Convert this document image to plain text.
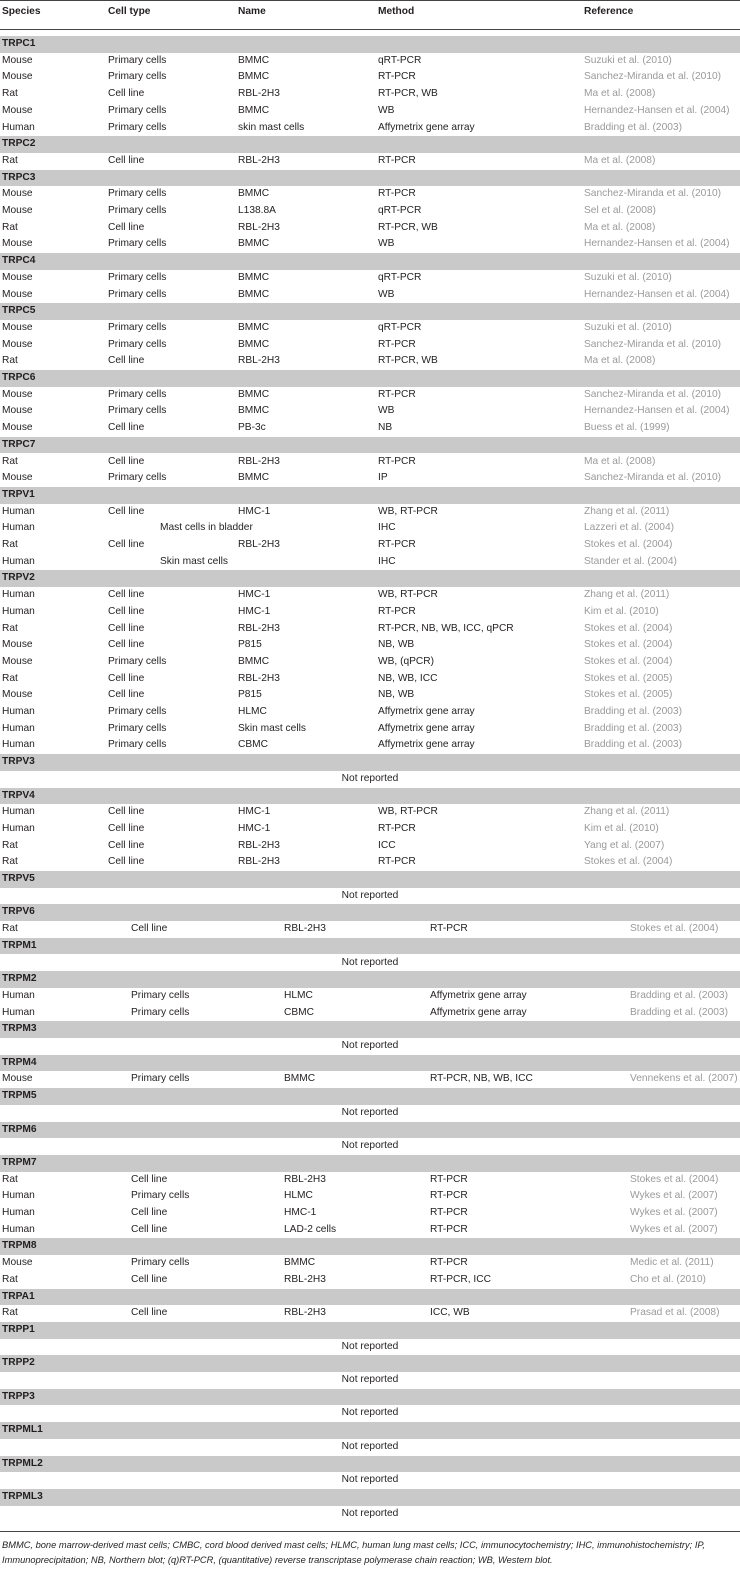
Species	Cell type	Name	Method	Reference
TRPC1
Mouse	Primary cells	BMMC	qRT-PCR	Suzuki et al. (2010)
Mouse	Primary cells	BMMC	RT-PCR	Sanchez-Miranda et al. (2010)
Rat	Cell line	RBL-2H3	RT-PCR, WB	Ma et al. (2008)
Mouse	Primary cells	BMMC	WB	Hernandez-Hansen et al. (2004)
Human	Primary cells	skin mast cells	Affymetrix gene array	Bradding et al. (2003)
TRPC2
Rat	Cell line	RBL-2H3	RT-PCR	Ma et al. (2008)
TRPC3
Mouse	Primary cells	BMMC	RT-PCR	Sanchez-Miranda et al. (2010)
Mouse	Primary cells	L138.8A	qRT-PCR	Sel et al. (2008)
Rat	Cell line	RBL-2H3	RT-PCR, WB	Ma et al. (2008)
Mouse	Primary cells	BMMC	WB	Hernandez-Hansen et al. (2004)
TRPC4
Mouse	Primary cells	BMMC	qRT-PCR	Suzuki et al. (2010)
Mouse	Primary cells	BMMC	WB	Hernandez-Hansen et al. (2004)
TRPC5
Mouse	Primary cells	BMMC	qRT-PCR	Suzuki et al. (2010)
Mouse	Primary cells	BMMC	RT-PCR	Sanchez-Miranda et al. (2010)
Rat	Cell line	RBL-2H3	RT-PCR, WB	Ma et al. (2008)
TRPC6
Mouse	Primary cells	BMMC	RT-PCR	Sanchez-Miranda et al. (2010)
Mouse	Primary cells	BMMC	WB	Hernandez-Hansen et al. (2004)
Mouse	Cell line	PB-3c	NB	Buess et al. (1999)
TRPC7
Rat	Cell line	RBL-2H3	RT-PCR	Ma et al. (2008)
Mouse	Primary cells	BMMC	IP	Sanchez-Miranda et al. (2010)
TRPV1
Human	Cell line	HMC-1	WB, RT-PCR	Zhang et al. (2011)
Human	Mast cells in bladder	IHC	Lazzeri et al. (2004)
Rat	Cell line	RBL-2H3	RT-PCR	Stokes et al. (2004)
Human	Skin mast cells	IHC	Stander et al. (2004)
TRPV2
Human	Cell line	HMC-1	WB, RT-PCR	Zhang et al. (2011)
Human	Cell line	HMC-1	RT-PCR	Kim et al. (2010)
Rat	Cell line	RBL-2H3	RT-PCR, NB, WB, ICC, qPCR	Stokes et al. (2004)
Mouse	Cell line	P815	NB, WB	Stokes et al. (2004)
Mouse	Primary cells	BMMC	WB, (qPCR)	Stokes et al. (2004)
Rat	Cell line	RBL-2H3	NB, WB, ICC	Stokes et al. (2005)
Mouse	Cell line	P815	NB, WB	Stokes et al. (2005)
Human	Primary cells	HLMC	Affymetrix gene array	Bradding et al. (2003)
Human	Primary cells	Skin mast cells	Affymetrix gene array	Bradding et al. (2003)
Human	Primary cells	CBMC	Affymetrix gene array	Bradding et al. (2003)
TRPV3
Not reported
TRPV4
Human	Cell line	HMC-1	WB, RT-PCR	Zhang et al. (2011)
Human	Cell line	HMC-1	RT-PCR	Kim et al. (2010)
Rat	Cell line	RBL-2H3	ICC	Yang et al. (2007)
Rat	Cell line	RBL-2H3	RT-PCR	Stokes et al. (2004)
TRPV5
Not reported
TRPV6
Rat	Cell line	RBL-2H3	RT-PCR	Stokes et al. (2004)
TRPM1
Not reported
TRPM2
Human	Primary cells	HLMC	Affymetrix gene array	Bradding et al. (2003)
Human	Primary cells	CBMC	Affymetrix gene array	Bradding et al. (2003)
TRPM3
Not reported
TRPM4
Mouse	Primary cells	BMMC	RT-PCR, NB, WB, ICC	Vennekens et al. (2007)
TRPM5
Not reported
TRPM6
Not reported
TRPM7
Rat	Cell line	RBL-2H3	RT-PCR	Stokes et al. (2004)
Human	Primary cells	HLMC	RT-PCR	Wykes et al. (2007)
Human	Cell line	HMC-1	RT-PCR	Wykes et al. (2007)
Human	Cell line	LAD-2 cells	RT-PCR	Wykes et al. (2007)
TRPM8
Mouse	Primary cells	BMMC	RT-PCR	Medic et al. (2011)
Rat	Cell line	RBL-2H3	RT-PCR, ICC	Cho et al. (2010)
TRPA1
Rat	Cell line	RBL-2H3	ICC, WB	Prasad et al. (2008)
TRPP1
Not reported
TRPP2
Not reported
TRPP3
Not reported
TRPML1
Not reported
TRPML2
Not reported
TRPML3
Not reported
BMMC, bone marrow-derived mast cells; CMBC, cord blood derived mast cells; HLMC, human lung mast cells; ICC, immunocytochemistry; IHC, immunohistochemistry; IP, Immunoprecipitation; NB, Northern blot; (q)RT-PCR, (quantitative) reverse transcriptase polymerase chain reaction; WB, Western blot.
